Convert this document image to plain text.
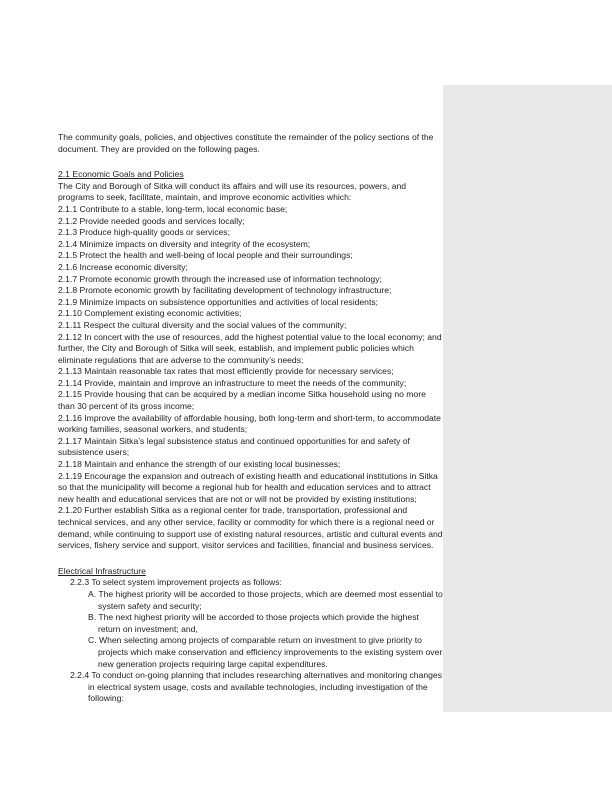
The community goals, policies, and objectives constitute the remainder of the policy sections of the document. They are provided on the following pages.

2.1 Economic Goals and Policies

The City and Borough of Sitka will conduct its affairs and will use its resources, powers, and programs to seek, facilitate, maintain, and improve economic activities which:

2.1.1 Contribute to a stable, long-term, local economic base;

2.1.2 Provide needed goods and services locally;

2.1.3 Produce high-quality goods or services;

2.1.4 Minimize impacts on diversity and integrity of the ecosystem;

2.1.5 Protect the health and well-being of local people and their surroundings;

2.1.6 Increase economic diversity;

2.1.7 Promote economic growth through the increased use of information technology;

2.1.8 Promote economic growth by facilitating development of technology infrastructure;

2.1.9 Minimize impacts on subsistence opportunities and activities of local residents;

2.1.10 Complement existing economic activities;

2.1.11 Respect the cultural diversity and the social values of the community;

2.1.12 In concert with the use of resources, add the highest potential value to the local economy; and further, the City and Borough of Sitka will seek, establish, and implement public policies which eliminate regulations that are adverse to the community’s needs;

2.1.13 Maintain reasonable tax rates that most efficiently provide for necessary services;

2.1.14 Provide, maintain and improve an infrastructure to meet the needs of the community;

2.1.15 Provide housing that can be acquired by a median income Sitka household using no more than 30 percent of its gross income;

2.1.16 Improve the availability of affordable housing, both long-term and short-term, to accommodate working families, seasonal workers, and students;

2.1.17 Maintain Sitka’s legal subsistence status and continued opportunities for and safety of subsistence users;

2.1.18 Maintain and enhance the strength of our existing local businesses;

2.1.19 Encourage the expansion and outreach of existing health and educational institutions in Sitka so that the municipality will become a regional hub for health and education services and to attract new health and educational services that are not or will not be provided by existing institutions;

2.1.20 Further establish Sitka as a regional center for trade, transportation, professional and technical services, and any other service, facility or commodity for which there is a regional need or demand, while continuing to support use of existing natural resources, artistic and cultural events and services, fishery service and support, visitor services and facilities, financial and business services.

Electrical Infrastructure

2.2.3 To select system improvement projects as follows:

A. The highest priority will be accorded to those projects, which are deemed most essential to system safety and security;

B. The next highest priority will be accorded to those projects which provide the highest return on investment; and,

C. When selecting among projects of comparable return on investment to give priority to projects which make conservation and efficiency improvements to the existing system over new generation projects requiring large capital expenditures.

2.2.4 To conduct on-going planning that includes researching alternatives and monitoring changes in electrical system usage, costs and available technologies, including investigation of the following:
